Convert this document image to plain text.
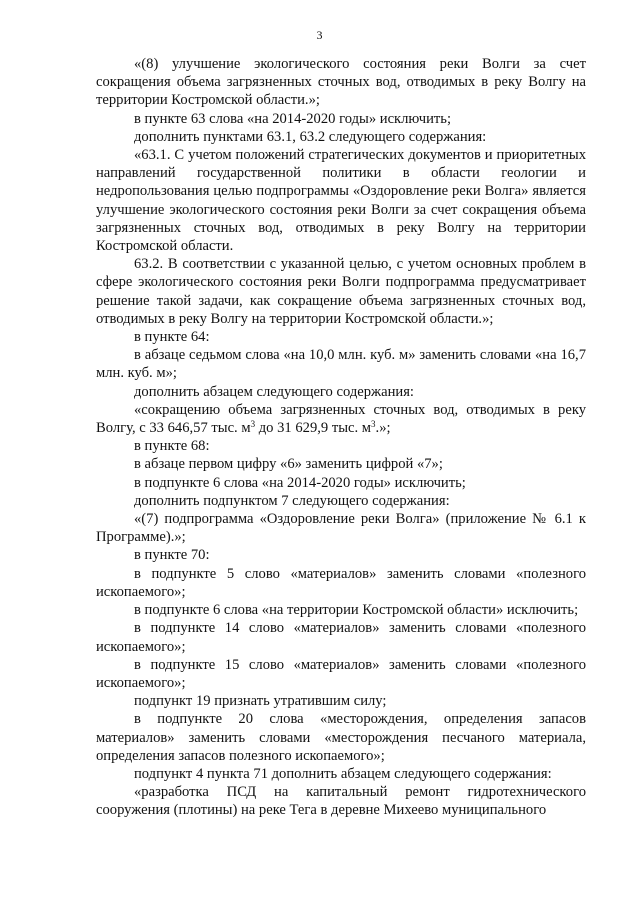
3

«(8) улучшение экологического состояния реки Волги за счет сокращения объема загрязненных сточных вод, отводимых в реку Волгу на территории Костромской области.»;

в пункте 63 слова «на 2014-2020 годы» исключить;

дополнить пунктами 63.1, 63.2 следующего содержания:

«63.1. С учетом положений стратегических документов и приоритетных направлений государственной политики в области геологии и недропользования целью подпрограммы «Оздоровление реки Волга» является улучшение экологического состояния реки Волги за счет сокращения объема загрязненных сточных вод, отводимых в реку Волгу на территории Костромской области.

63.2. В соответствии с указанной целью, с учетом основных проблем в сфере экологического состояния реки Волги подпрограмма предусматривает решение такой задачи, как сокращение объема загрязненных сточных вод, отводимых в реку Волгу на территории Костромской области.»;

в пункте 64:

в абзаце седьмом слова «на 10,0 млн. куб. м» заменить словами «на 16,7 млн. куб. м»;

дополнить абзацем следующего содержания:

«сокращению объема загрязненных сточных вод, отводимых в реку Волгу, с 33 646,57 тыс. $м^3$ до 31 629,9 тыс. $м^3$.»;

в пункте 68:

в абзаце первом цифру «6» заменить цифрой «7»;

в подпункте 6 слова «на 2014-2020 годы» исключить;

дополнить подпунктом 7 следующего содержания:

«(7) подпрограмма «Оздоровление реки Волга» (приложение № 6.1 к Программе).»;

в пункте 70:

в подпункте 5 слово «материалов» заменить словами «полезного ископаемого»;

в подпункте 6 слова «на территории Костромской области» исключить;

в подпункте 14 слово «материалов» заменить словами «полезного ископаемого»;

в подпункте 15 слово «материалов» заменить словами «полезного ископаемого»;

подпункт 19 признать утратившим силу;

в подпункте 20 слова «месторождения, определения запасов материалов» заменить словами «месторождения песчаного материала, определения запасов полезного ископаемого»;

подпункт 4 пункта 71 дополнить абзацем следующего содержания:

«разработка ПСД на капитальный ремонт гидротехнического сооружения (плотины) на реке Тега в деревне Михеево муниципального
